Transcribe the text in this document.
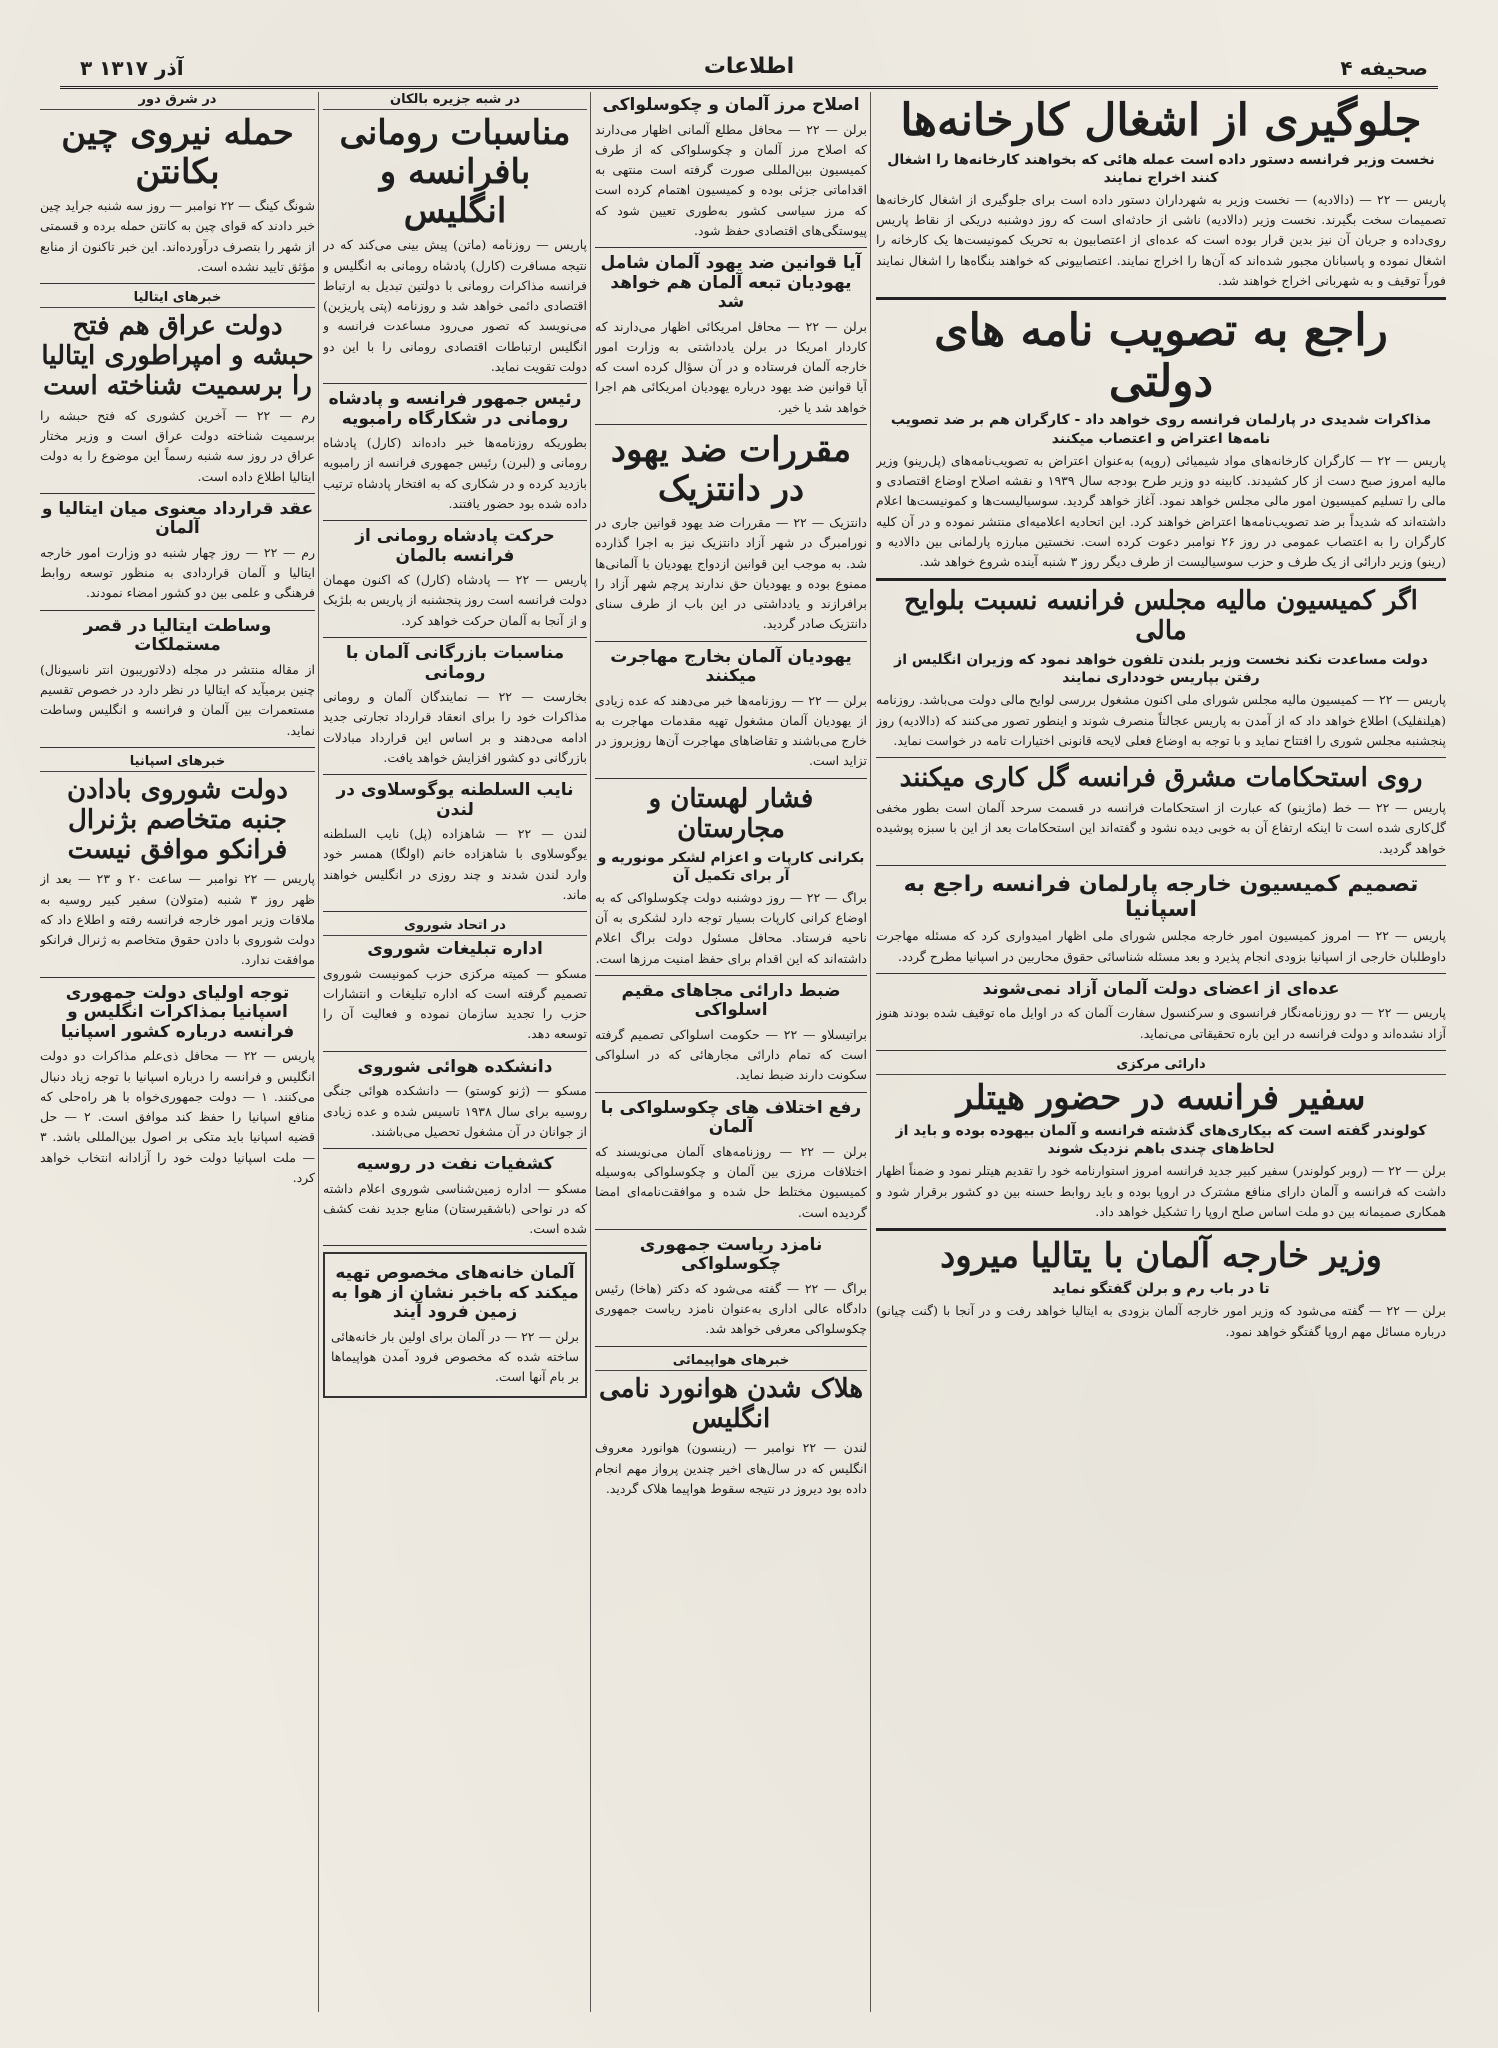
۳ آذر ۱۳۱۷	اطلاعات	صحیفه ۴
جلوگیری از اشغال کارخانه‌ها
نخست وزیر فرانسه دستور داده است عمله هائی که بخواهند کارخانه‌ها را اشغال کنند اخراج نمایند
پاریس — ۲۲ — (دالادیه) — نخست وزیر به شهرداران دستور داده است برای جلوگیری از اشغال کارخانه‌ها تصمیمات سخت بگیرند. نخست وزیر (دالادیه) ناشی از حادثه‌ای است که روز دوشنبه دریکی از نقاط پاریس روی‌داده و جریان آن نیز بدین قرار بوده است که عده‌ای از اعتصابیون به تحریک کمونیست‌ها یک کارخانه را اشغال نموده و پاسبانان مجبور شده‌اند که آن‌ها را اخراج نمایند. اعتصابیونی که خواهند بنگاه‌ها را اشغال نمایند فوراً توقیف و به شهربانی اخراج خواهند شد.
راجع به تصویب نامه های دولتی
مذاکرات شدیدی در پارلمان فرانسه روی خواهد داد - کارگران هم بر ضد تصویب نامه‌ها اعتراض و اعتصاب میکنند
پاریس — ۲۲ — کارگران کارخانه‌های مواد شیمیائی (روپه) به‌عنوان اعتراض به تصویب‌نامه‌های (پل‌رینو) وزیر مالیه امروز صبح دست از کار کشیدند. کابینه دو وزیر طرح بودجه سال ۱۹۳۹ و نقشه اصلاح اوضاع اقتصادی و مالی را تسلیم کمیسیون امور مالی مجلس خواهد نمود. آغاز خواهد گردید. سوسیالیست‌ها و کمونیست‌ها اعلام داشته‌اند که شدیداً بر ضد تصویب‌نامه‌ها اعتراض خواهند کرد. این اتحادیه اعلامیه‌ای منتشر نموده و در آن کلیه کارگران را به اعتصاب عمومی در روز ۲۶ نوامبر دعوت کرده است. نخستین مبارزه پارلمانی بین دالادیه و (رینو) وزیر دارائی از یک طرف و حزب سوسیالیست از طرف دیگر روز ۳ شنبه آینده شروع خواهد شد.
اگر کمیسیون مالیه مجلس فرانسه نسبت بلوایح مالی
دولت مساعدت نکند نخست وزیر بلندن تلفون خواهد نمود که وزیران انگلیس از رفتن بپاریس خودداری نمایند
پاریس — ۲۲ — کمیسیون مالیه مجلس شورای ملی اکنون مشغول بررسی لوایح مالی دولت می‌باشد. روزنامه (هیلنفلیک) اطلاع خواهد داد که از آمدن به پاریس عجالتاً منصرف شوند و اینطور تصور می‌کنند که (دالادیه) روز پنجشنبه مجلس شوری را افتتاح نماید و با توجه به اوضاع فعلی لایحه قانونی اختیارات تامه در خواست نماید.
روی استحکامات مشرق فرانسه گل کاری میکنند
پاریس — ۲۲ — خط (ماژینو) که عبارت از استحکامات فرانسه در قسمت سرحد آلمان است بطور مخفی گل‌کاری شده است تا اینکه ارتفاع آن به خوبی دیده نشود و گفته‌اند این استحکامات بعد از این با سبزه پوشیده خواهد گردید.
تصمیم کمیسیون خارجه پارلمان فرانسه راجع به اسپانیا
پاریس — ۲۲ — امروز کمیسیون امور خارجه مجلس شورای ملی اظهار امیدواری کرد که مسئله مهاجرت داوطلبان خارجی از اسپانیا بزودی انجام پذیرد و بعد مسئله شناسائی حقوق محاربین در اسپانیا مطرح گردد.
عده‌ای از اعضای دولت آلمان آزاد نمی‌شوند
پاریس — ۲۲ — دو روزنامه‌نگار فرانسوی و سرکنسول سفارت آلمان که در اوایل ماه توقیف شده بودند هنوز آزاد نشده‌اند و دولت فرانسه در این باره تحقیقاتی می‌نماید.
دارائی مرکزی
سفیر فرانسه در حضور هیتلر
کولوندر گفته است که بیکاری‌های گذشته فرانسه و آلمان بیهوده بوده و باید از لحاظ‌های چندی باهم نزدیک شوند
برلن — ۲۲ — (روبر کولوندر) سفیر کبیر جدید فرانسه امروز استوارنامه خود را تقدیم هیتلر نمود و ضمناً اظهار داشت که فرانسه و آلمان دارای منافع مشترک در اروپا بوده و باید روابط حسنه بین دو کشور برقرار شود و همکاری صمیمانه بین دو ملت اساس صلح اروپا را تشکیل خواهد داد.
وزیر خارجه آلمان با یتالیا میرود
تا در باب رم و برلن گفتگو نماید
برلن — ۲۲ — گفته می‌شود که وزیر امور خارجه آلمان بزودی به ایتالیا خواهد رفت و در آنجا با (گنت چیانو) درباره مسائل مهم اروپا گفتگو خواهد نمود.
اصلاح مرز آلمان و چکوسلواکی
برلن — ۲۲ — محافل مطلع آلمانی اظهار می‌دارند که اصلاح مرز آلمان و چکوسلواکی که از طرف کمیسیون بین‌المللی صورت گرفته است منتهی به اقداماتی جزئی بوده و کمیسیون اهتمام کرده است که مرز سیاسی کشور به‌طوری تعیین شود که پیوستگی‌های اقتصادی حفظ شود.
آیا قوانین ضد یهود آلمان شامل یهودیان تبعه آلمان هم خواهد شد
برلن — ۲۲ — محافل امریکائی اظهار می‌دارند که کاردار امریکا در برلن یادداشتی به وزارت امور خارجه آلمان فرستاده و در آن سؤال کرده است که آیا قوانین ضد یهود درباره یهودیان امریکائی هم اجرا خواهد شد یا خیر.
مقررات ضد یهود در دانتزیک
دانتزیک — ۲۲ — مقررات ضد یهود قوانین جاری در نورامبرگ در شهر آزاد دانتزیک نیز به اجرا گذارده شد. به موجب این قوانین ازدواج یهودیان با آلمانی‌ها ممنوع بوده و یهودیان حق ندارند پرچم شهر آزاد را برافرازند و یادداشتی در این باب از طرف سنای دانتزیک صادر گردید.
یهودیان آلمان بخارج مهاجرت میکنند
برلن — ۲۲ — روزنامه‌ها خبر می‌دهند که عده زیادی از یهودیان آلمان مشغول تهیه مقدمات مهاجرت به خارج می‌باشند و تقاضاهای مهاجرت آن‌ها روزبروز در تزاید است.
فشار لهستان و مجارستان
بکرانی کارپات و اعزام لشکر مونوریه و آر برای تکمیل آن
براگ — ۲۲ — روز دوشنبه دولت چکوسلواکی که به اوضاع کرانی کارپات بسیار توجه دارد لشکری به آن ناحیه فرستاد. محافل مسئول دولت براگ اعلام داشته‌اند که این اقدام برای حفظ امنیت مرزها است.
ضبط دارائی مجاهای مقیم اسلواکی
براتیسلاو — ۲۲ — حکومت اسلواکی تصمیم گرفته است که تمام دارائی مجارهائی که در اسلواکی سکونت دارند ضبط نماید.
رفع اختلاف های چکوسلواکی با آلمان
برلن — ۲۲ — روزنامه‌های آلمان می‌نویسند که اختلافات مرزی بین آلمان و چکوسلواکی به‌وسیله کمیسیون مختلط حل شده و موافقت‌نامه‌ای امضا گردیده است.
نامزد ریاست جمهوری چکوسلواکی
براگ — ۲۲ — گفته می‌شود که دکتر (هاخا) رئیس دادگاه عالی اداری به‌عنوان نامزد ریاست جمهوری چکوسلواکی معرفی خواهد شد.
خبرهای هواپیمائی
هلاک شدن هوانورد نامی انگلیس
لندن — ۲۲ نوامبر — (رینسون) هوانورد معروف انگلیس که در سال‌های اخیر چندین پرواز مهم انجام داده بود دیروز در نتیجه سقوط هواپیما هلاک گردید.
در شبه جزیره بالکان
مناسبات رومانی بافرانسه و انگلیس
پاریس — روزنامه (ماتن) پیش بینی می‌کند که در نتیجه مسافرت (کارل) پادشاه رومانی به انگلیس و فرانسه مذاکرات رومانی با دولتین تبدیل به ارتباط اقتصادی دائمی خواهد شد و روزنامه (پتی پاریزین) می‌نویسد که تصور می‌رود مساعدت فرانسه و انگلیس ارتباطات اقتصادی رومانی را با این دو دولت تقویت نماید.
رئیس جمهور فرانسه و پادشاه رومانی در شکارگاه رامبویه
بطوریکه روزنامه‌ها خبر داده‌اند (کارل) پادشاه رومانی و (لبرن) رئیس جمهوری فرانسه از رامبویه بازدید کرده و در شکاری که به افتخار پادشاه ترتیب داده شده بود حضور یافتند.
حرکت پادشاه رومانی از فرانسه بالمان
پاریس — ۲۲ — پادشاه (کارل) که اکنون مهمان دولت فرانسه است روز پنجشنبه از پاریس به بلژیک و از آنجا به آلمان حرکت خواهد کرد.
مناسبات بازرگانی آلمان با رومانی
بخارست — ۲۲ — نمایندگان آلمان و رومانی مذاکرات خود را برای انعقاد قرارداد تجارتی جدید ادامه می‌دهند و بر اساس این قرارداد مبادلات بازرگانی دو کشور افزایش خواهد یافت.
نایب السلطنه یوگوسلاوی در لندن
لندن — ۲۲ — شاهزاده (پل) نایب السلطنه یوگوسلاوی با شاهزاده خانم (اولگا) همسر خود وارد لندن شدند و چند روزی در انگلیس خواهند ماند.
در اتحاد شوروی
اداره تبلیغات شوروی
مسکو — کمیته مرکزی حزب کمونیست شوروی تصمیم گرفته است که اداره تبلیغات و انتشارات حزب را تجدید سازمان نموده و فعالیت آن را توسعه دهد.
دانشکده هوائی شوروی
مسکو — (ژنو کوستو) — دانشکده هوائی جنگی روسیه برای سال ۱۹۳۸ تاسیس شده و عده زیادی از جوانان در آن مشغول تحصیل می‌باشند.
کشفیات نفت در روسیه
مسکو — اداره زمین‌شناسی شوروی اعلام داشته که در نواحی (باشقیرستان) منابع جدید نفت کشف شده است.
آلمان خانه‌های مخصوص تهیه میکند که باخبر نشان از هوا به زمین فرود آیند
برلن — ۲۲ — در آلمان برای اولین بار خانه‌هائی ساخته شده که مخصوص فرود آمدن هواپیماها بر بام آنها است.
در شرق دور
حمله نیروی چین بکانتن
شونگ کینگ — ۲۲ نوامبر — روز سه شنبه جراید چین خبر دادند که قوای چین به کانتن حمله برده و قسمتی از شهر را بتصرف درآورده‌اند. این خبر تاکنون از منابع مؤثق تایید نشده است.
خبرهای ایتالیا
دولت عراق هم فتح حبشه و امپراطوری ایتالیا را برسمیت شناخته است
رم — ۲۲ — آخرین کشوری که فتح حبشه را برسمیت شناخته دولت عراق است و وزیر مختار عراق در روز سه شنبه رسماً این موضوع را به دولت ایتالیا اطلاع داده است.
عقد قرارداد معنوی میان ایتالیا و آلمان
رم — ۲۲ — روز چهار شنبه دو وزارت امور خارجه ایتالیا و آلمان قراردادی به منظور توسعه روابط فرهنگی و علمی بین دو کشور امضاء نمودند.
وساطت ایتالیا در قصر مستملکات
از مقاله منتشر در مجله (دلاتوریبون انتر ناسیونال) چنین برمیآید که ایتالیا در نظر دارد در خصوص تقسیم مستعمرات بین آلمان و فرانسه و انگلیس وساطت نماید.
خبرهای اسپانیا
دولت شوروی بادادن جنبه متخاصم بژنرال فرانکو موافق نیست
پاریس — ۲۲ نوامبر — ساعت ۲۰ و ۲۳ — بعد از ظهر روز ۳ شنبه (متولان) سفیر کبیر روسیه به ملاقات وزیر امور خارجه فرانسه رفته و اطلاع داد که دولت شوروی با دادن حقوق متخاصم به ژنرال فرانکو موافقت ندارد.
توجه اولیای دولت جمهوری اسپانیا بمذاکرات انگلیس و فرانسه درباره کشور اسپانیا
پاریس — ۲۲ — محافل ذی‌علم مذاکرات دو دولت انگلیس و فرانسه را درباره اسپانیا با توجه زیاد دنبال می‌کنند. ۱ — دولت جمهوری‌خواه با هر راه‌حلی که منافع اسپانیا را حفظ کند موافق است. ۲ — حل قضیه اسپانیا باید متکی بر اصول بین‌المللی باشد. ۳ — ملت اسپانیا دولت خود را آزادانه انتخاب خواهد کرد.
